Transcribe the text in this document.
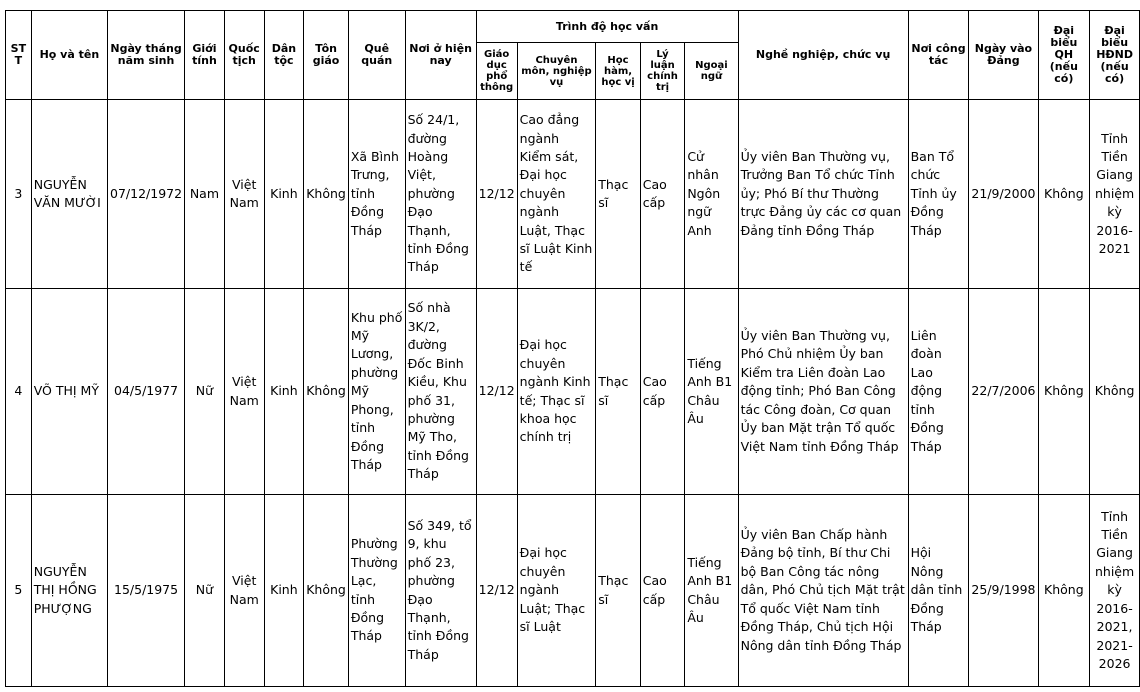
ST T	Họ và tên	Ngày tháng năm sinh	Giới tính	Quốc tịch	Dân tộc	Tôn giáo	Quê quán	Nơi ở hiện nay	Trình độ học vấn					Nghề nghiệp, chức vụ	Nơi công tác	Ngày vào Đảng	Đại biểu QH (nếu có)	Đại biểu HĐND (nếu có)
									Giáo dục phổ thông	Chuyên môn, nghiệp vụ	Học hàm, học vị	Lý luận chính trị	Ngoại ngữ					
3	NGUYỄN VĂN MƯỜI	07/12/1972	Nam	Việt Nam	Kinh	Không	Xã Bình Trưng, tỉnh Đồng Tháp	Số 24/1, đường Hoàng Việt, phường Đạo Thạnh, tỉnh Đồng Tháp	12/12	Cao đẳng ngành Kiểm sát, Đại học chuyên ngành Luật, Thạc sĩ Luật Kinh tế	Thạc sĩ	Cao cấp	Cử nhân Ngôn ngữ Anh	Ủy viên Ban Thường vụ, Trưởng Ban Tổ chức Tỉnh ủy; Phó Bí thư Thường trực Đảng ủy các cơ quan Đảng tỉnh Đồng Tháp	Ban Tổ chức Tỉnh ủy Đồng Tháp	21/9/2000	Không	Tỉnh Tiền Giang nhiệm kỳ 2016-2021
4	VÕ THỊ MỸ	04/5/1977	Nữ	Việt Nam	Kinh	Không	Khu phố Mỹ Lương, phường Mỹ Phong, tỉnh Đồng Tháp	Số nhà 3K/2, đường Đốc Binh Kiều, Khu phố 31, phường Mỹ Tho, tỉnh Đồng Tháp	12/12	Đại học chuyên ngành Kinh tế; Thạc sĩ khoa học chính trị	Thạc sĩ	Cao cấp	Tiếng Anh B1 Châu Âu	Ủy viên Ban Thường vụ, Phó Chủ nhiệm Ủy ban Kiểm tra Liên đoàn Lao động tỉnh; Phó Ban Công tác Công đoàn, Cơ quan Ủy ban Mặt trận Tổ quốc Việt Nam tỉnh Đồng Tháp	Liên đoàn Lao động tỉnh Đồng Tháp	22/7/2006	Không	Không
5	NGUYỄN THỊ HỒNG PHƯỢNG	15/5/1975	Nữ	Việt Nam	Kinh	Không	Phường Thường Lạc, tỉnh Đồng Tháp	Số 349, tổ 9, khu phố 23, phường Đạo Thạnh, tỉnh Đồng Tháp	12/12	Đại học chuyên ngành Luật; Thạc sĩ Luật	Thạc sĩ	Cao cấp	Tiếng Anh B1 Châu Âu	Ủy viên Ban Chấp hành Đảng bộ tỉnh, Bí thư Chi bộ Ban Công tác nông dân, Phó Chủ tịch Mặt trật Tổ quốc Việt Nam tỉnh Đồng Tháp, Chủ tịch Hội Nông dân tỉnh Đồng Tháp	Hội Nông dân tỉnh Đồng Tháp	25/9/1998	Không	Tỉnh Tiền Giang nhiệm kỳ 2016-2021, 2021-2026
